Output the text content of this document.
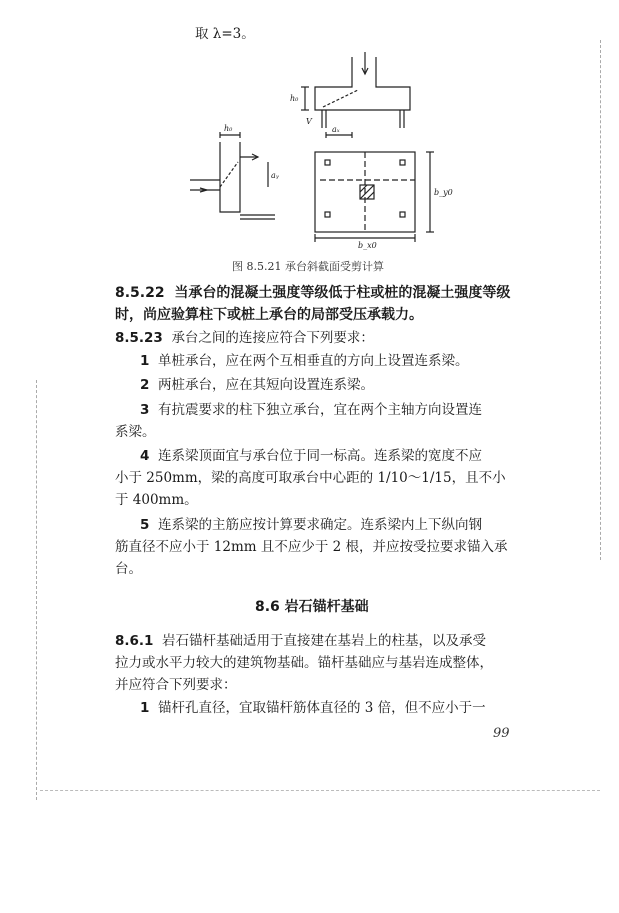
取 λ=3。
h₀
V
aₓ
h₀
aᵧ
b_y0
b_x0
图 8.5.21 承台斜截面受剪计算
8.5.22 当承台的混凝土强度等级低于柱或桩的混凝土强度等级
时，尚应验算柱下或桩上承台的局部受压承载力。
8.5.23 承台之间的连接应符合下列要求：
1 单桩承台，应在两个互相垂直的方向上设置连系梁。
2 两桩承台，应在其短向设置连系梁。
3 有抗震要求的柱下独立承台，宜在两个主轴方向设置连
系梁。
4 连系梁顶面宜与承台位于同一标高。连系梁的宽度不应
小于 250mm，梁的高度可取承台中心距的 1/10～1/15，且不小
于 400mm。
5 连系梁的主筋应按计算要求确定。连系梁内上下纵向钢
筋直径不应小于 12mm 且不应少于 2 根，并应按受拉要求锚入承
台。
8.6 岩石锚杆基础
8.6.1 岩石锚杆基础适用于直接建在基岩上的柱基，以及承受
拉力或水平力较大的建筑物基础。锚杆基础应与基岩连成整体，
并应符合下列要求：
1 锚杆孔直径，宜取锚杆筋体直径的 3 倍，但不应小于一
99
